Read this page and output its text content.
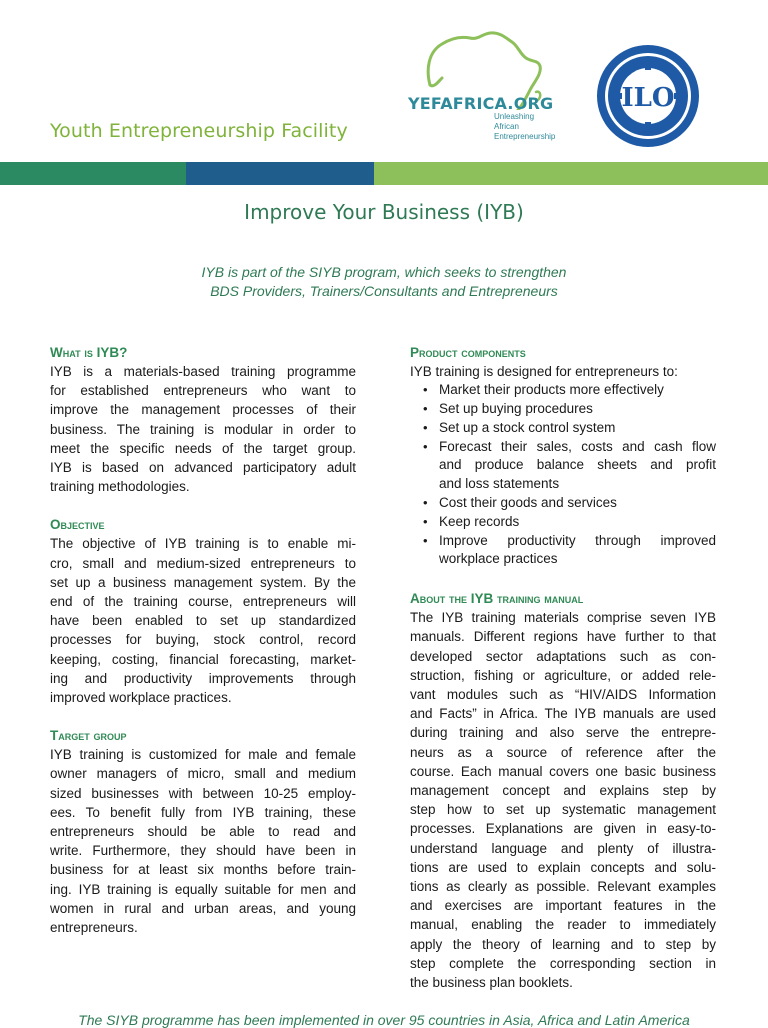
Youth Entrepreneurship Facility
YEFAFRICA.ORG
Unleashing
African
Entrepreneurship
ILO
Improve Your Business (IYB)
IYB is part of the SIYB program, which seeks to strengthen
BDS Providers, Trainers/Consultants and Entrepreneurs
What is IYB?
IYB is a materials-based training programme
for established entrepreneurs who want to
improve the management processes of their
business. The training is modular in order to
meet the specific needs of the target group.
IYB is based on advanced participatory adult
training methodologies.
Objective
The objective of IYB training is to enable mi-
cro, small and medium-sized entrepreneurs to
set up a business management system. By the
end of the training course, entrepreneurs will
have been enabled to set up standardized
processes for buying, stock control, record
keeping, costing, financial forecasting, market-
ing and productivity improvements through
improved workplace practices.
Target group
IYB training is customized for male and female
owner managers of micro, small and medium
sized businesses with between 10-25 employ-
ees. To benefit fully from IYB training, these
entrepreneurs should be able to read and
write. Furthermore, they should have been in
business for at least six months before train-
ing. IYB training is equally suitable for men and
women in rural and urban areas, and young
entrepreneurs.
Product components
IYB training is designed for entrepreneurs to:
• Market their products more effectively
• Set up buying procedures
• Set up a stock control system
• Forecast their sales, costs and cash flow
and produce balance sheets and profit
and loss statements
• Cost their goods and services
• Keep records
• Improve productivity through improved
workplace practices
About the IYB training manual
The IYB training materials comprise seven IYB
manuals. Different regions have further to that
developed sector adaptations such as con-
struction, fishing or agriculture, or added rele-
vant modules such as “HIV/AIDS Information
and Facts” in Africa. The IYB manuals are used
during training and also serve the entrepre-
neurs as a source of reference after the
course. Each manual covers one basic business
management concept and explains step by
step how to set up systematic management
processes. Explanations are given in easy-to-
understand language and plenty of illustra-
tions are used to explain concepts and solu-
tions as clearly as possible. Relevant examples
and exercises are important features in the
manual, enabling the reader to immediately
apply the theory of learning and to step by
step complete the corresponding section in
the business plan booklets.
The SIYB programme has been implemented in over 95 countries in Asia, Africa and Latin America
